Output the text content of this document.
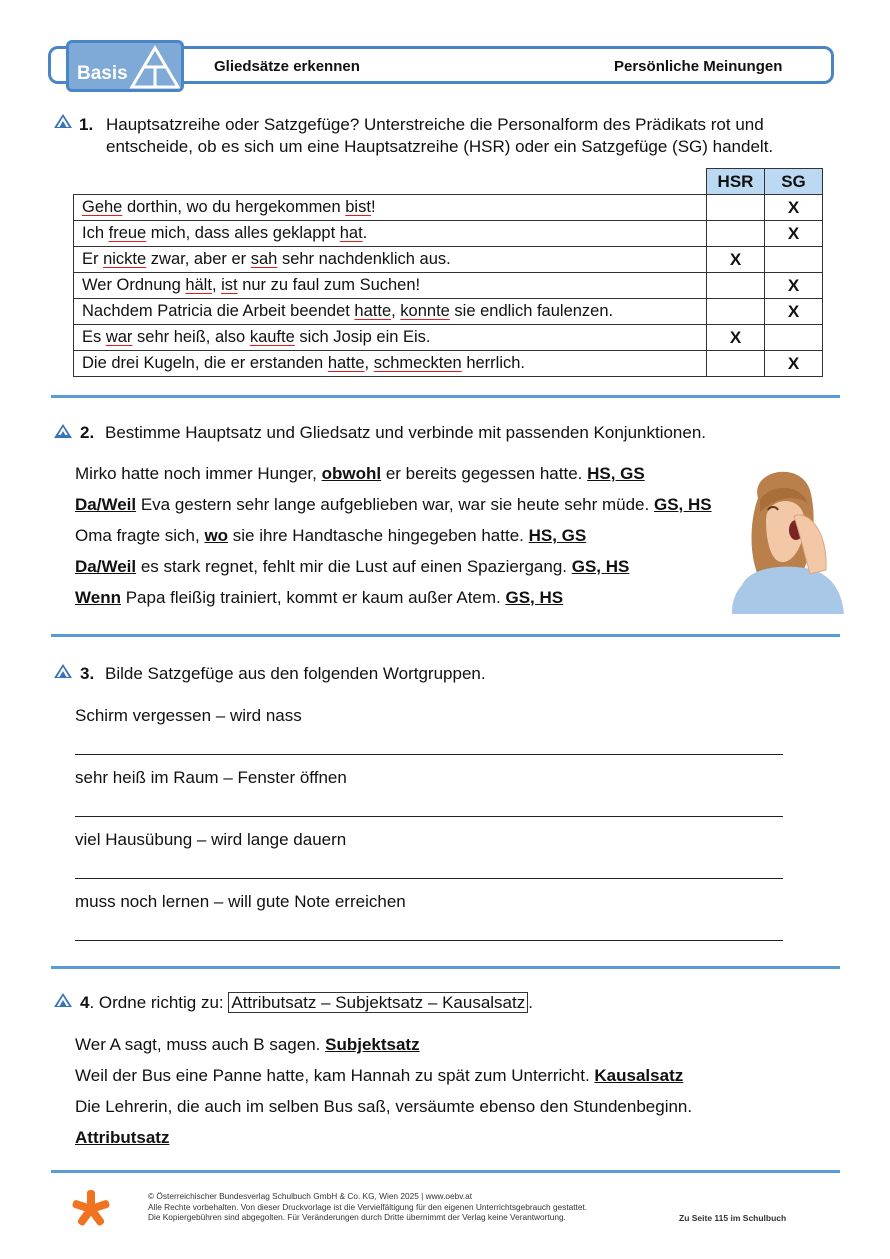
Basis	Gliedsätze erkennen	Persönliche Meinungen
1. Hauptsatzreihe oder Satzgefüge? Unterstreiche die Personalform des Prädikats rot und
entscheide, ob es sich um eine Hauptsatzreihe (HSR) oder ein Satzgefüge (SG) handelt.
	HSR	SG
Gehe dorthin, wo du hergekommen bist!		X
Ich freue mich, dass alles geklappt hat.		X
Er nickte zwar, aber er sah sehr nachdenklich aus.	X	
Wer Ordnung hält, ist nur zu faul zum Suchen!		X
Nachdem Patricia die Arbeit beendet hatte, konnte sie endlich faulenzen.		X
Es war sehr heiß, also kaufte sich Josip ein Eis.	X	
Die drei Kugeln, die er erstanden hatte, schmeckten herrlich.		X
2. Bestimme Hauptsatz und Gliedsatz und verbinde mit passenden Konjunktionen.
Mirko hatte noch immer Hunger, obwohl er bereits gegessen hatte. HS, GS
Da/Weil Eva gestern sehr lange aufgeblieben war, war sie heute sehr müde. GS, HS
Oma fragte sich, wo sie ihre Handtasche hingegeben hatte. HS, GS
Da/Weil es stark regnet, fehlt mir die Lust auf einen Spaziergang. GS, HS
Wenn Papa fleißig trainiert, kommt er kaum außer Atem. GS, HS
3. Bilde Satzgefüge aus den folgenden Wortgruppen.
Schirm vergessen – wird nass
sehr heiß im Raum – Fenster öffnen
viel Hausübung – wird lange dauern
muss noch lernen – will gute Note erreichen
4. Ordne richtig zu: Attributsatz – Subjektsatz – Kausalsatz .
Wer A sagt, muss auch B sagen. Subjektsatz
Weil der Bus eine Panne hatte, kam Hannah zu spät zum Unterricht. Kausalsatz
Die Lehrerin, die auch im selben Bus saß, versäumte ebenso den Stundenbeginn.
Attributsatz
© Österreichischer Bundesverlag Schulbuch GmbH & Co. KG, Wien 2025 | www.oebv.at
Alle Rechte vorbehalten. Von dieser Druckvorlage ist die Vervielfältigung für den eigenen Unterrichtsgebrauch gestattet.
Die Kopiergebühren sind abgegolten. Für Veränderungen durch Dritte übernimmt der Verlag keine Verantwortung.	Zu Seite 115 im Schulbuch
